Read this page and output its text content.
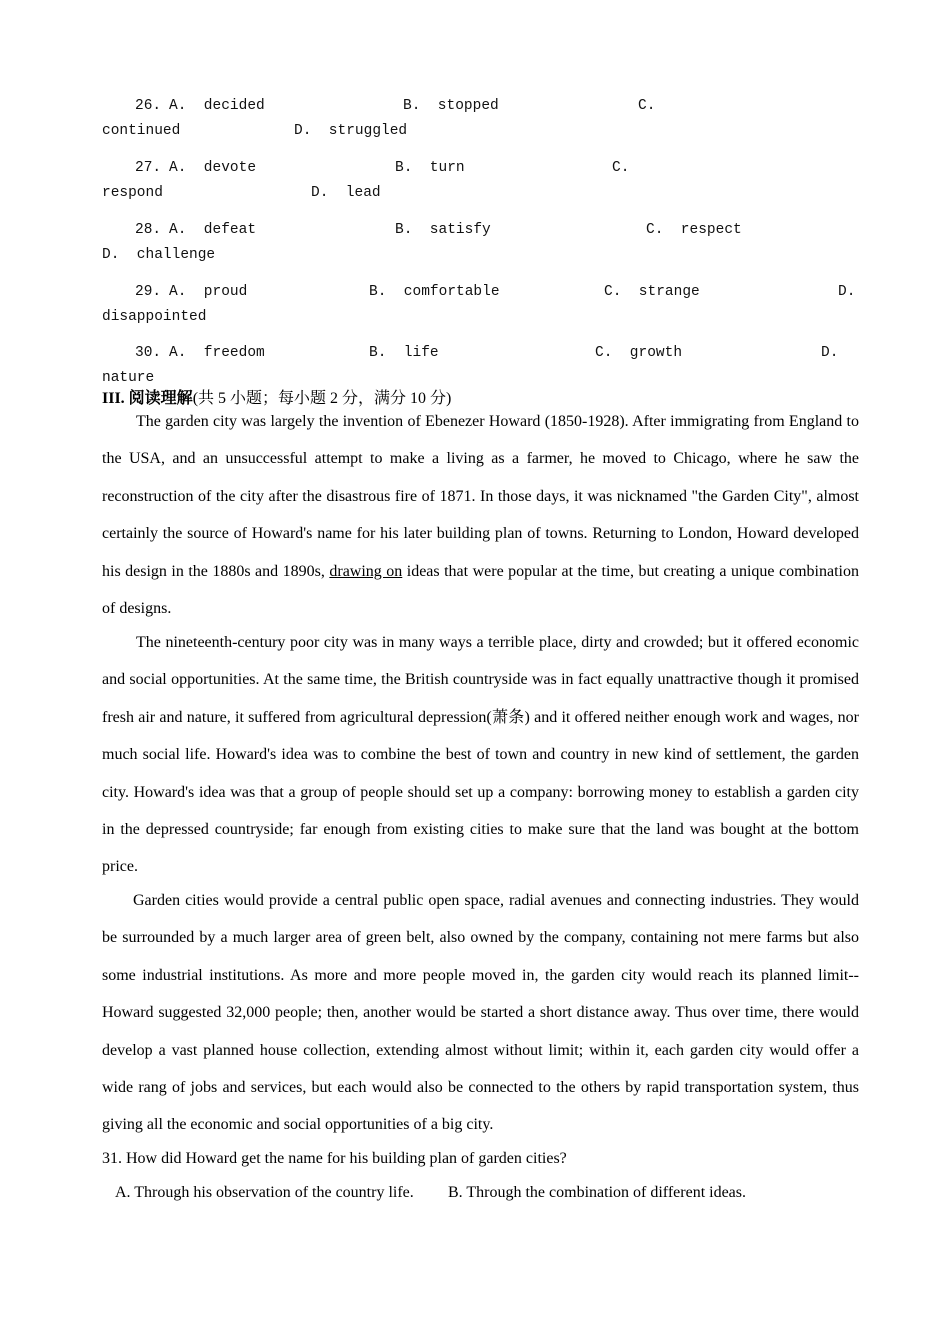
26.

A.  decided

	B.  stopped

	C.

continued

	D.  struggled

27.

A.  devote

	B.  turn

	C.

respond

	D.  lead

28.

A.  defeat

	B.  satisfy

	C.  respect

D.  challenge

29.

A.  proud

	B.  comfortable

	C.  strange

	D.

disappointed

30.

A.  freedom

	B.  life

	C.  growth

	D.

nature

III. 阅读理解(共 5 小题；每小题 2 分，满分 10 分)
The garden city was largely the invention of Ebenezer Howard (1850-1928). After immigrating from England to the USA, and an unsuccessful attempt to make a living as a farmer, he moved to Chicago, where he saw the reconstruction of the city after the disastrous fire of 1871. In those days, it was nicknamed "the Garden City", almost certainly the source of Howard's name for his later building plan of towns. Returning to London, Howard developed his design in the 1880s and 1890s, drawing on ideas that were popular at the time, but creating a unique combination of designs.
The nineteenth-century poor city was in many ways a terrible place, dirty and crowded; but it offered economic and social opportunities. At the same time, the British countryside was in fact equally unattractive though it promised fresh air and nature, it suffered from agricultural depression(萧条) and it offered neither enough work and wages, nor much social life. Howard's idea was to combine the best of town and country in new kind of settlement, the garden city. Howard's idea was that a group of people should set up a company: borrowing money to establish a garden city in the depressed countryside; far enough from existing cities to make sure that the land was bought at the bottom price.
Garden cities would provide a central public open space, radial avenues and connecting industries. They would be surrounded by a much larger area of green belt, also owned by the company, containing not mere farms but also some industrial institutions. As more and more people moved in, the garden city would reach its planned limit--Howard suggested 32,000 people; then, another would be started a short distance away. Thus over time, there would develop a vast planned house collection, extending almost without limit; within it, each garden city would offer a wide rang of jobs and services, but each would also be connected to the others by rapid transportation system, thus giving all the economic and social opportunities of a big city.
31. How did Howard get the name for his building plan of garden cities?
A. Through his observation of the country life. B. Through the combination of different ideas.
